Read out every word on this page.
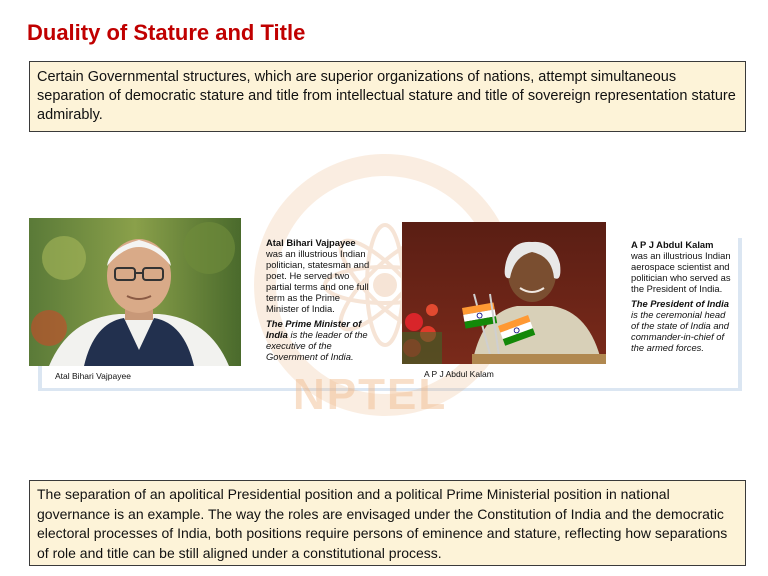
Duality of Stature and Title
Certain Governmental structures, which are superior organizations of nations, attempt simultaneous separation of democratic stature and title from intellectual stature and title of sovereign representation stature admirably.
NPTEL
Atal Bihari Vajpayee

Atal Bihari Vajpayee
was an illustrious Indian politician, statesman and poet. He served two partial terms and one full term as the Prime Minister of India.

The Prime Minister of India is the leader of the executive of the Government of India.

A P J Abdul Kalam

A P J Abdul Kalam
was an illustrious Indian aerospace scientist and politician who served as the President of India.

The President of India is the ceremonial head of the state of India and commander-in-chief of the armed forces.

The separation of an apolitical Presidential position and a political Prime Ministerial position in national governance is an example. The way the roles are envisaged under the Constitution of India and the democratic electoral processes of India, both positions require persons of eminence and stature, reflecting how separations of role and title can be still aligned under a constitutional process.
